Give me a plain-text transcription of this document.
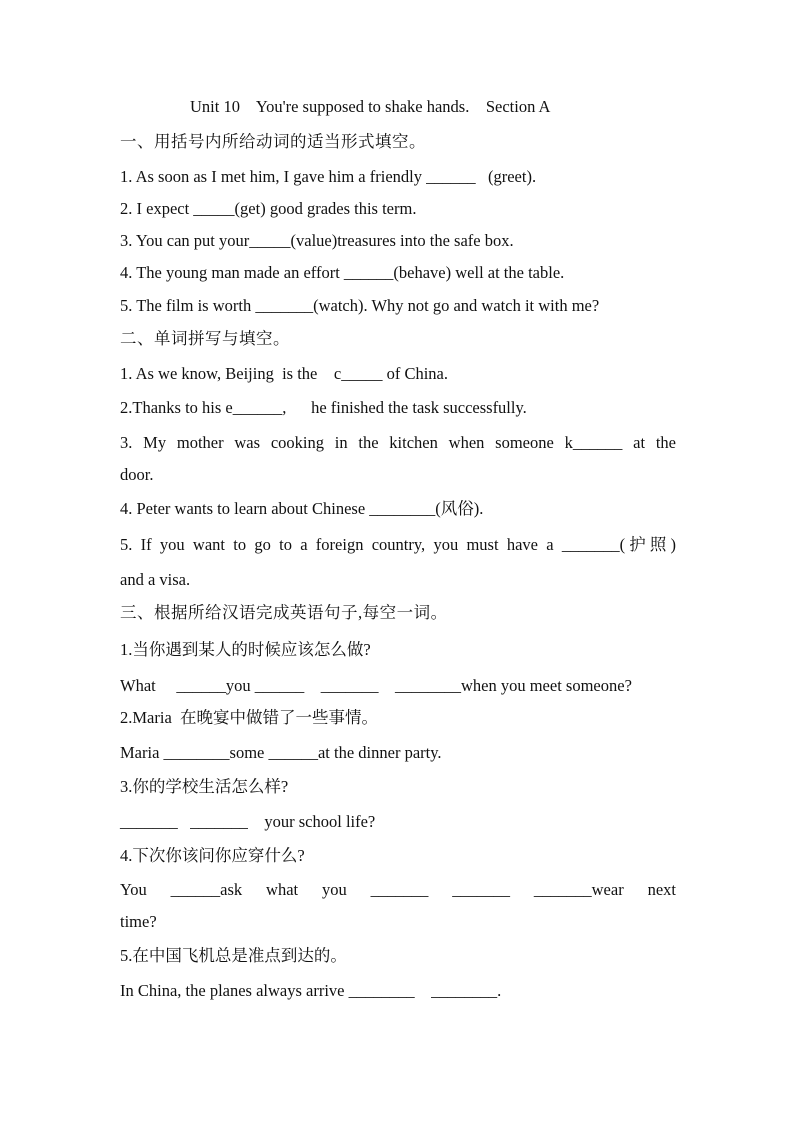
Unit 10    You're supposed to shake hands.    Section A

一、用括号内所给动词的适当形式填空。

1. As soon as I met him, I gave him a friendly ______   (greet).

2. I expect _____(get) good grades this term.

3. You can put your_____(value)treasures into the safe box.

4. The young man made an effort ______(behave) well at the table.

5. The film is worth _______(watch). Why not go and watch it with me?

二、单词拼写与填空。

1. As we know, Beijing  is the    c_____ of China.

2.Thanks to his e______,      he finished the task successfully.

3. My mother was cooking in the kitchen when someone k______ at the

door.

4. Peter wants to learn about Chinese ________(风俗).

5. If you want to go to a foreign country, you must have a _______(护照)

and a visa.

三、根据所给汉语完成英语句子,每空一词。

1.当你遇到某人的时候应该怎么做?

What     ______you ______    _______    ________when you meet someone?

2.Maria  在晚宴中做错了一些事情。

Maria ________some ______at the dinner party.

3.你的学校生活怎么样?

_______   _______    your school life?

4.下次你该问你应穿什么?

You ______ask what you _______ _______ _______wear next

time?

5.在中国飞机总是准点到达的。

In China, the planes always arrive ________    ________.
